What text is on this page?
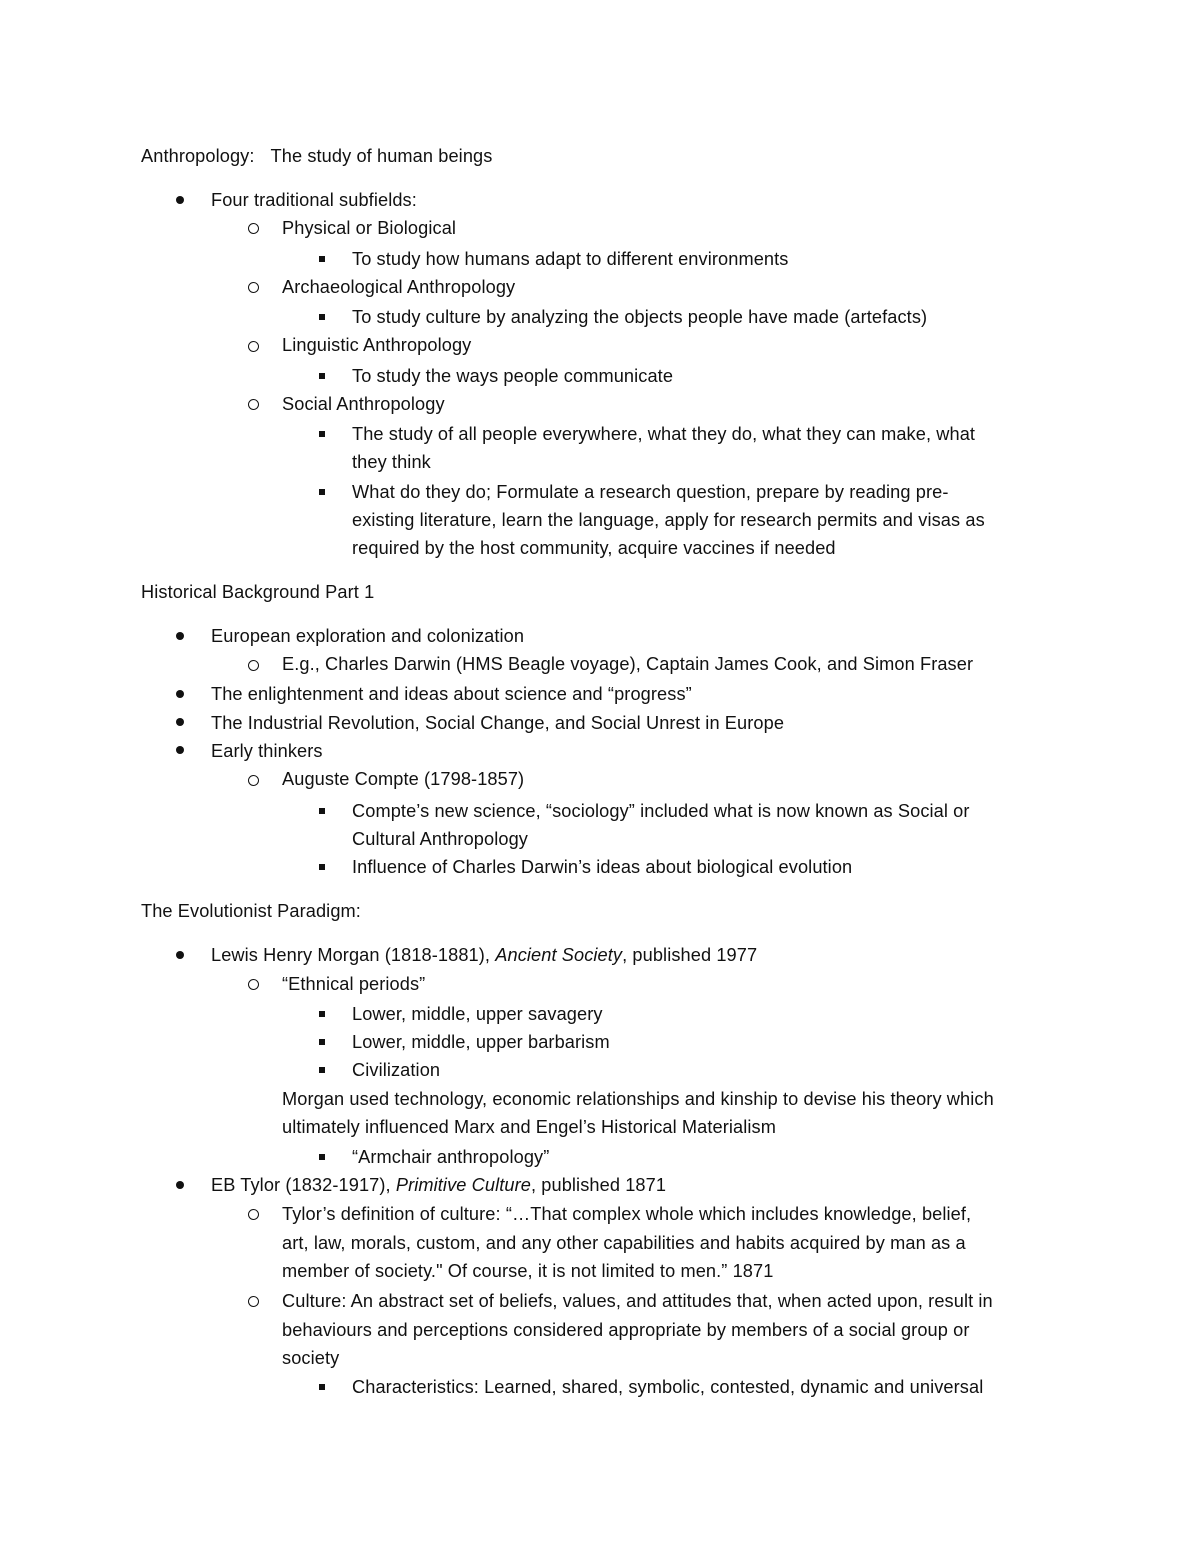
Anthropology: The study of human beings
Four traditional subfields:
Physical or Biological
To study how humans adapt to different environments
Archaeological Anthropology
To study culture by analyzing the objects people have made (artefacts)
Linguistic Anthropology
To study the ways people communicate
Social Anthropology
The study of all people everywhere, what they do, what they can make, what
they think
What do they do; Formulate a research question, prepare by reading pre-
existing literature, learn the language, apply for research permits and visas as
required by the host community, acquire vaccines if needed
Historical Background Part 1
European exploration and colonization
E.g., Charles Darwin (HMS Beagle voyage), Captain James Cook, and Simon Fraser
The enlightenment and ideas about science and “progress”
The Industrial Revolution, Social Change, and Social Unrest in Europe
Early thinkers
Auguste Compte (1798-1857)
Compte’s new science, “sociology” included what is now known as Social or
Cultural Anthropology
Influence of Charles Darwin’s ideas about biological evolution
The Evolutionist Paradigm:
Lewis Henry Morgan (1818-1881), Ancient Society, published 1977
“Ethnical periods”
Lower, middle, upper savagery
Lower, middle, upper barbarism
Civilization
Morgan used technology, economic relationships and kinship to devise his theory which
ultimately influenced Marx and Engel’s Historical Materialism
“Armchair anthropology”
EB Tylor (1832-1917), Primitive Culture, published 1871
Tylor’s definition of culture: “…That complex whole which includes knowledge, belief,
art, law, morals, custom, and any other capabilities and habits acquired by man as a
member of society." Of course, it is not limited to men.” 1871
Culture: An abstract set of beliefs, values, and attitudes that, when acted upon, result in
behaviours and perceptions considered appropriate by members of a social group or
society
Characteristics: Learned, shared, symbolic, contested, dynamic and universal
